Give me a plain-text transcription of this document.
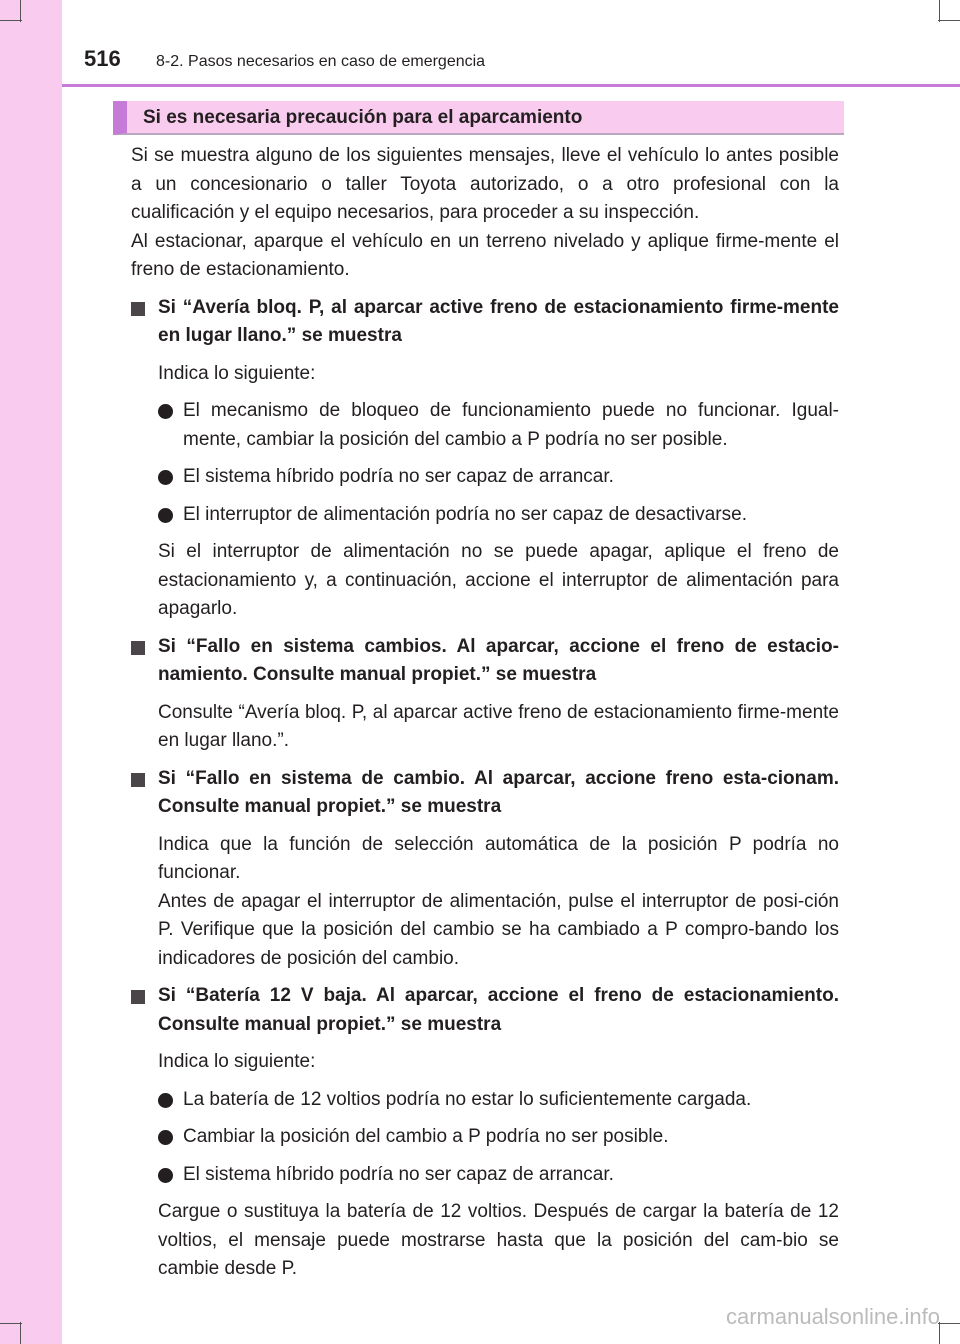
516 8-2. Pasos necesarios en caso de emergencia
Si es necesaria precaución para el aparcamiento

Si se muestra alguno de los siguientes mensajes, lleve el vehículo lo antes posible a un concesionario o taller Toyota autorizado, o a otro profesional con la cualificación y el equipo necesarios, para proceder a su inspección.

Al estacionar, aparque el vehículo en un terreno nivelado y aplique firme-mente el freno de estacionamiento.

Si “Avería bloq. P, al aparcar active freno de estacionamiento firme-mente en lugar llano.” se muestra

Indica lo siguiente:

El mecanismo de bloqueo de funcionamiento puede no funcionar. Igual-mente, cambiar la posición del cambio a P podría no ser posible.

El sistema híbrido podría no ser capaz de arrancar.

El interruptor de alimentación podría no ser capaz de desactivarse.

Si el interruptor de alimentación no se puede apagar, aplique el freno de estacionamiento y, a continuación, accione el interruptor de alimentación para apagarlo.

Si “Fallo en sistema cambios. Al aparcar, accione el freno de estacio-namiento. Consulte manual propiet.” se muestra

Consulte “Avería bloq. P, al aparcar active freno de estacionamiento firme-mente en lugar llano.”.

Si “Fallo en sistema de cambio. Al aparcar, accione freno esta-cionam. Consulte manual propiet.” se muestra

Indica que la función de selección automática de la posición P podría no funcionar.

Antes de apagar el interruptor de alimentación, pulse el interruptor de posi-ción P. Verifique que la posición del cambio se ha cambiado a P compro-bando los indicadores de posición del cambio.

Si “Batería 12 V baja. Al aparcar, accione el freno de estacionamiento. Consulte manual propiet.” se muestra

Indica lo siguiente:

La batería de 12 voltios podría no estar lo suficientemente cargada.

Cambiar la posición del cambio a P podría no ser posible.

El sistema híbrido podría no ser capaz de arrancar.

Cargue o sustituya la batería de 12 voltios. Después de cargar la batería de 12 voltios, el mensaje puede mostrarse hasta que la posición del cam-bio se cambie desde P.

carmanualsonline.info
